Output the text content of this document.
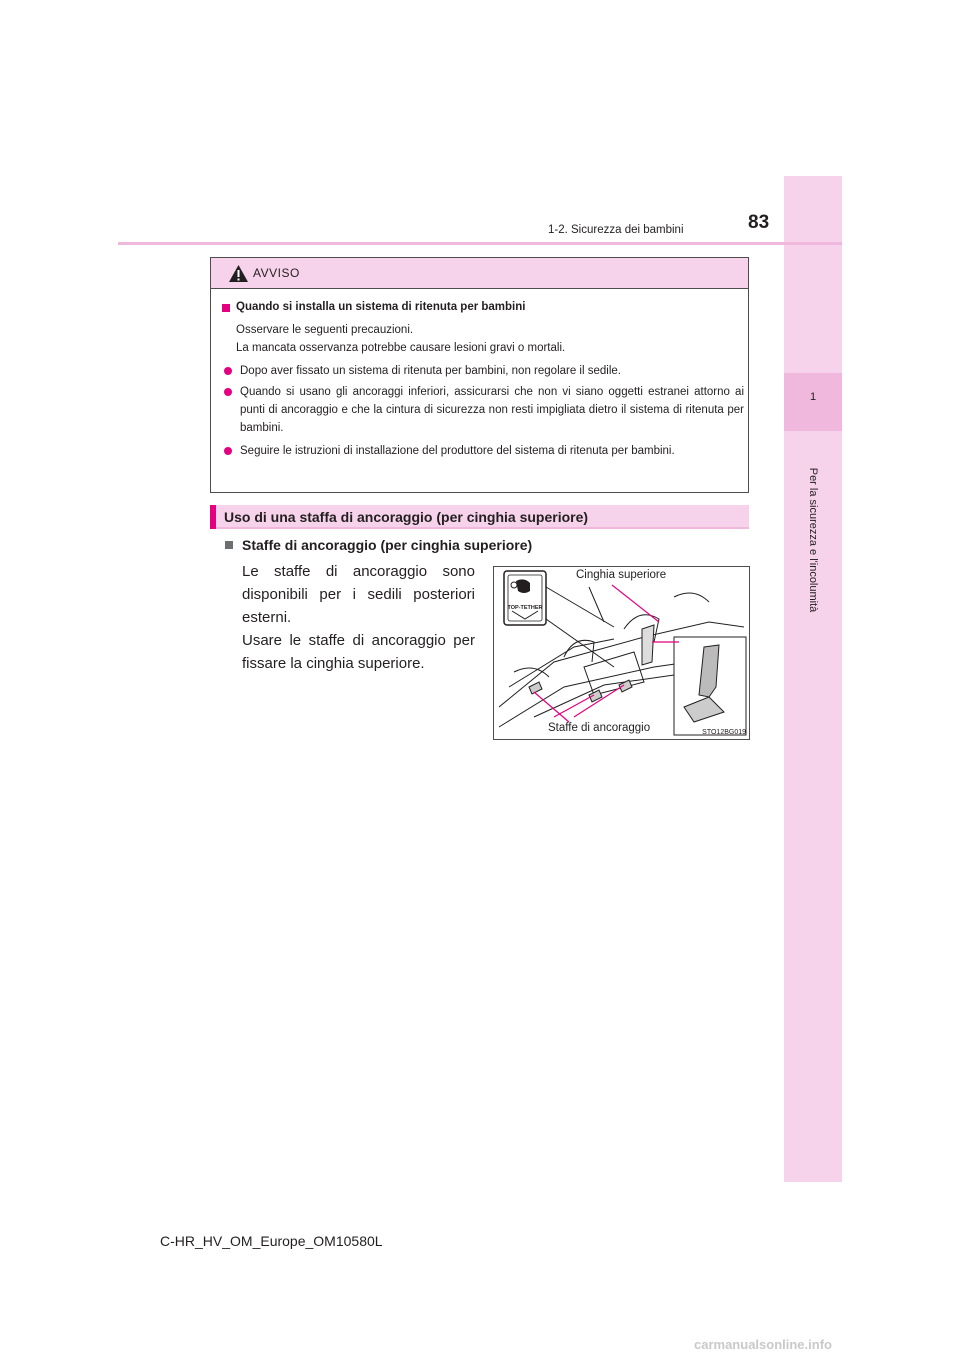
1
Per la sicurezza e l'incolumità
83
1-2. Sicurezza dei bambini
AVVISO
Quando si installa un sistema di ritenuta per bambini
Osservare le seguenti precauzioni.
La mancata osservanza potrebbe causare lesioni gravi o mortali.
Dopo aver fissato un sistema di ritenuta per bambini, non regolare il sedile.
Quando si usano gli ancoraggi inferiori, assicurarsi che non vi siano oggetti estranei attorno ai punti di ancoraggio e che la cintura di sicurezza non resti impigliata dietro il sistema di ritenuta per bambini.
Seguire le istruzioni di installazione del produttore del sistema di ritenuta per bambini.
Uso di una staffa di ancoraggio (per cinghia superiore)
Staffe di ancoraggio (per cinghia superiore)
Le staffe di ancoraggio sono disponibili per i sedili posteriori esterni.
Usare le staffe di ancoraggio per fissare la cinghia superiore.
Cinghia superiore
Staffe di ancoraggio	STO12BG019
TOP-TETHER
C-HR_HV_OM_Europe_OM10580L
carmanualsonline.info
